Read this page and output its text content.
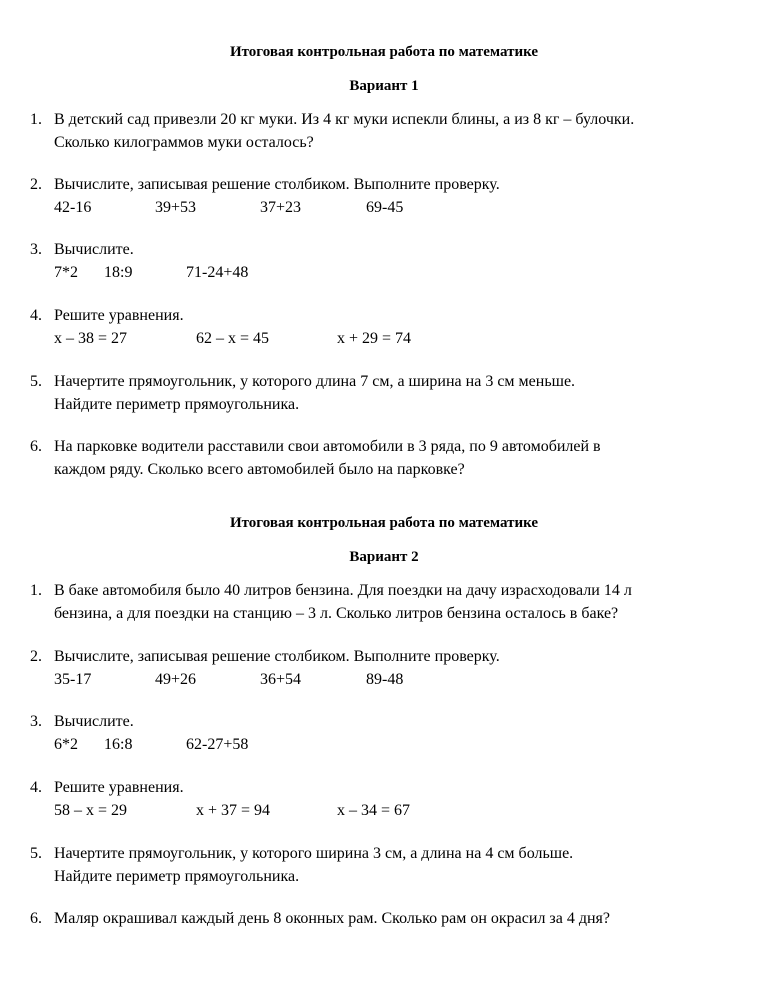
Итоговая контрольная работа по математике
Вариант 1
1. В детский сад привезли 20 кг муки. Из 4 кг муки испекли блины, а из 8 кг – булочки.
Сколько килограммов муки осталось?
2. Вычислите, записывая решение столбиком. Выполните проверку.
42-16	39+53	37+23	69-45
3. Вычислите.
7*2 18:9	71-24+48
4. Решите уравнения.
х – 38 = 27	62 – х = 45	х + 29 = 74
5. Начертите прямоугольник, у которого длина 7 см, а ширина на 3 см меньше.
Найдите периметр прямоугольника.
6. На парковке водители расставили свои автомобили в 3 ряда, по 9 автомобилей в
каждом ряду. Сколько всего автомобилей было на парковке?
Итоговая контрольная работа по математике
Вариант 2
1. В баке автомобиля было 40 литров бензина. Для поездки на дачу израсходовали 14 л
бензина, а для поездки на станцию – 3 л. Сколько литров бензина осталось в баке?
2. Вычислите, записывая решение столбиком. Выполните проверку.
35-17	49+26	36+54	89-48
3. Вычислите.
6*2 16:8	62-27+58
4. Решите уравнения.
58 – х = 29	х + 37 = 94	х – 34 = 67
5. Начертите прямоугольник, у которого ширина 3 см, а длина на 4 см больше.
Найдите периметр прямоугольника.
6. Маляр окрашивал каждый день 8 оконных рам. Сколько рам он окрасил за 4 дня?
